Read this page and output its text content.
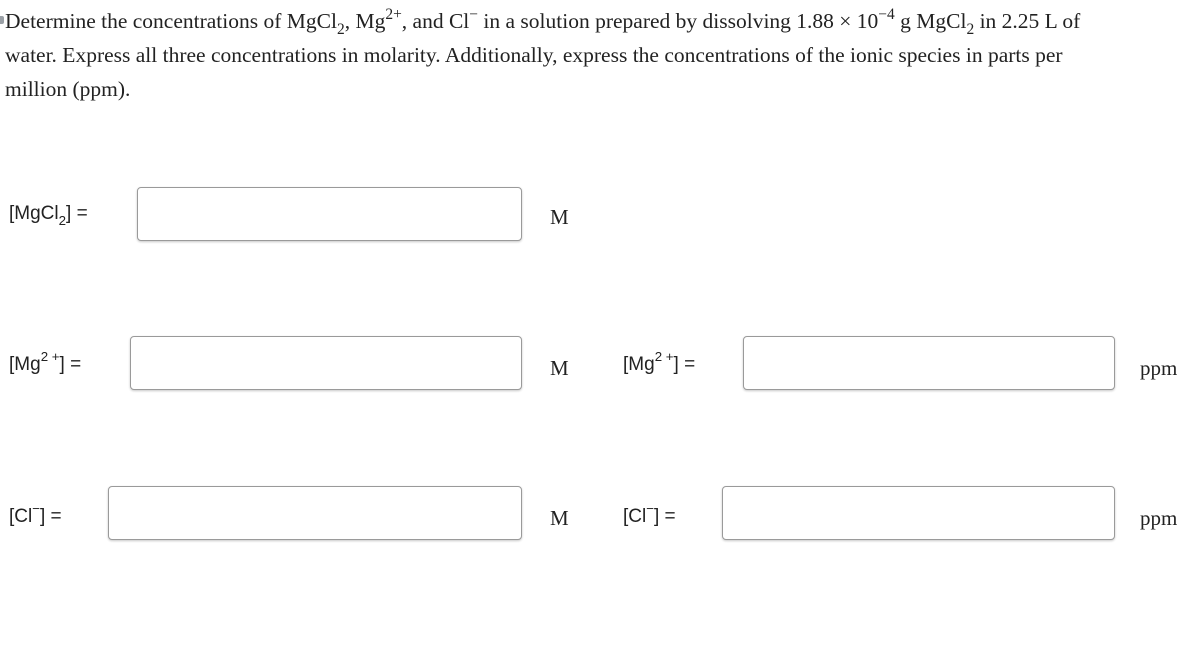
Determine the concentrations of MgCl$_2$, $Mg^{2+}$, and Cl− in a solution prepared by dissolving $1.88 \times 10^{-4}$ g MgCl$_2$ in 2.25 L of
water. Express all three concentrations in molarity. Additionally, express the concentrations of the ionic species in parts per
million (ppm).
[MgCl$_2$] =	M
$[Mg^{2 +}]$ =	M	$[Mg^{2 +}]$ =	ppm
[Cl−] =	M	[Cl−] =	ppm
